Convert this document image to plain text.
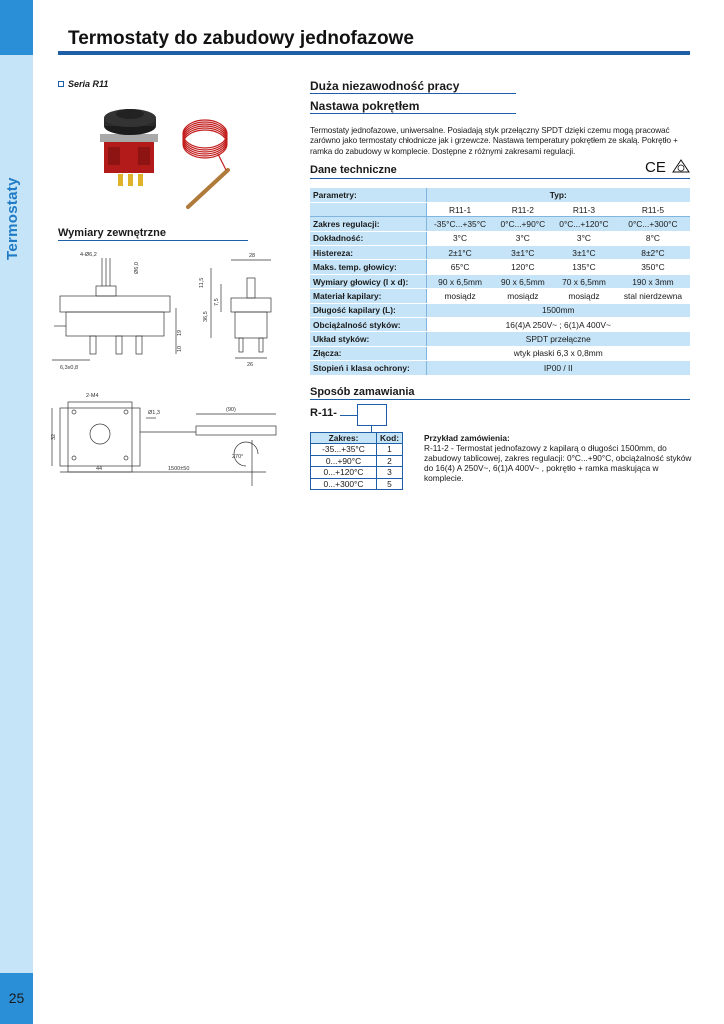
Termostaty
25
Termostaty do zabudowy jednofazowe
Seria R11
Wymiary zewnętrzne
4-Ø6,2
Ø6,0
19
10
6,3x0,8
28
11,5
7,5
36,5
26
2-M4
Ø1,3	(90)
32
44	1500±50
270°
Duża niezawodność pracy
Nastawa pokrętłem
Termostaty jednofazowe, uniwersalne. Posiadają styk przełączny SPDT dzięki czemu mogą pracować zarówno jako termostaty chłodnicze jak i grzewcze. Nastawa temperatury pokrętłem ze skalą. Pokrętło + ramka do zabudowy w komplecie. Dostępne z różnymi zakresami regulacji.
Dane techniczne	CE
Parametry:	Typ:			
	R11-1	R11-2	R11-3	R11-5
Zakres regulacji:	-35°C...+35°C	0°C...+90°C	0°C...+120°C	0°C...+300°C
Dokładność:	3°C	3°C	3°C	8°C
Histereza:	2±1°C	3±1°C	3±1°C	8±2°C
Maks. temp. głowicy:	65°C	120°C	135°C	350°C
Wymiary głowicy (l x d):	90 x 6,5mm	90 x 6,5mm	70 x 6,5mm	190 x 3mm
Materiał kapilary:	mosiądz	mosiądz	mosiądz	stal nierdzewna
Długość kapilary (L):	1500mm			
Obciążalność styków:	16(4)A 250V~ ; 6(1)A 400V~			
Układ styków:	SPDT przełączne			
Złącza:	wtyk płaski 6,3 x 0,8mm			
Stopień i klasa ochrony:	IP00 / II			
Sposób zamawiania
R-11-
Zakres:	Kod:
-35...+35°C	1
0...+90°C	2
0...+120°C	3
0...+300°C	5
Przykład zamówienia:
R-11-2 - Termostat jednofazowy z kapilarą o długości 1500mm, do zabudowy tablicowej, zakres regulacji: 0°C...+90°C, obciążalność styków do 16(4) A 250V~, 6(1)A 400V~ , pokrętło + ramka maskująca w komplecie.
